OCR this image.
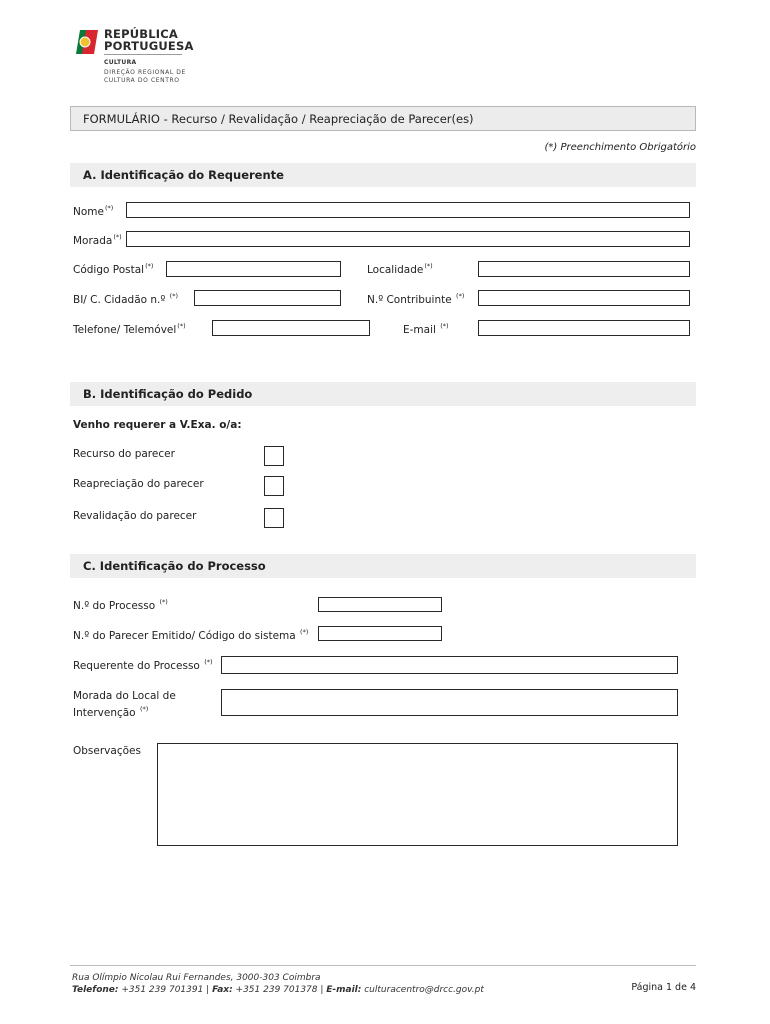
REPÚBLICA
PORTUGUESA
CULTURA
DIREÇÃO REGIONAL DE
CULTURA DO CENTRO
FORMULÁRIO - Recurso / Revalidação / Reapreciação de Parecer(es)
(*) Preenchimento Obrigatório
A. Identificação do Requerente
Nome(*)
Morada(*)
Código Postal(*)	Localidade(*)
BI/ C. Cidadão n.º (*)	N.º Contribuinte (*)
Telefone/ Telemóvel(*)	E-mail (*)
B. Identificação do Pedido
Venho requerer a V.Exa. o/a:
Recurso do parecer
Reapreciação do parecer
Revalidação do parecer
C. Identificação do Processo
N.º do Processo (*)
N.º do Parecer Emitido/ Código do sistema (*)
Requerente do Processo (*)
Morada do Local de
Intervenção (*)
Observações
Rua Olímpio Nicolau Rui Fernandes, 3000-303 Coimbra
Telefone: +351 239 701391 | Fax: +351 239 701378 | E-mail: culturacentro@drcc.gov.pt	Página 1 de 4
